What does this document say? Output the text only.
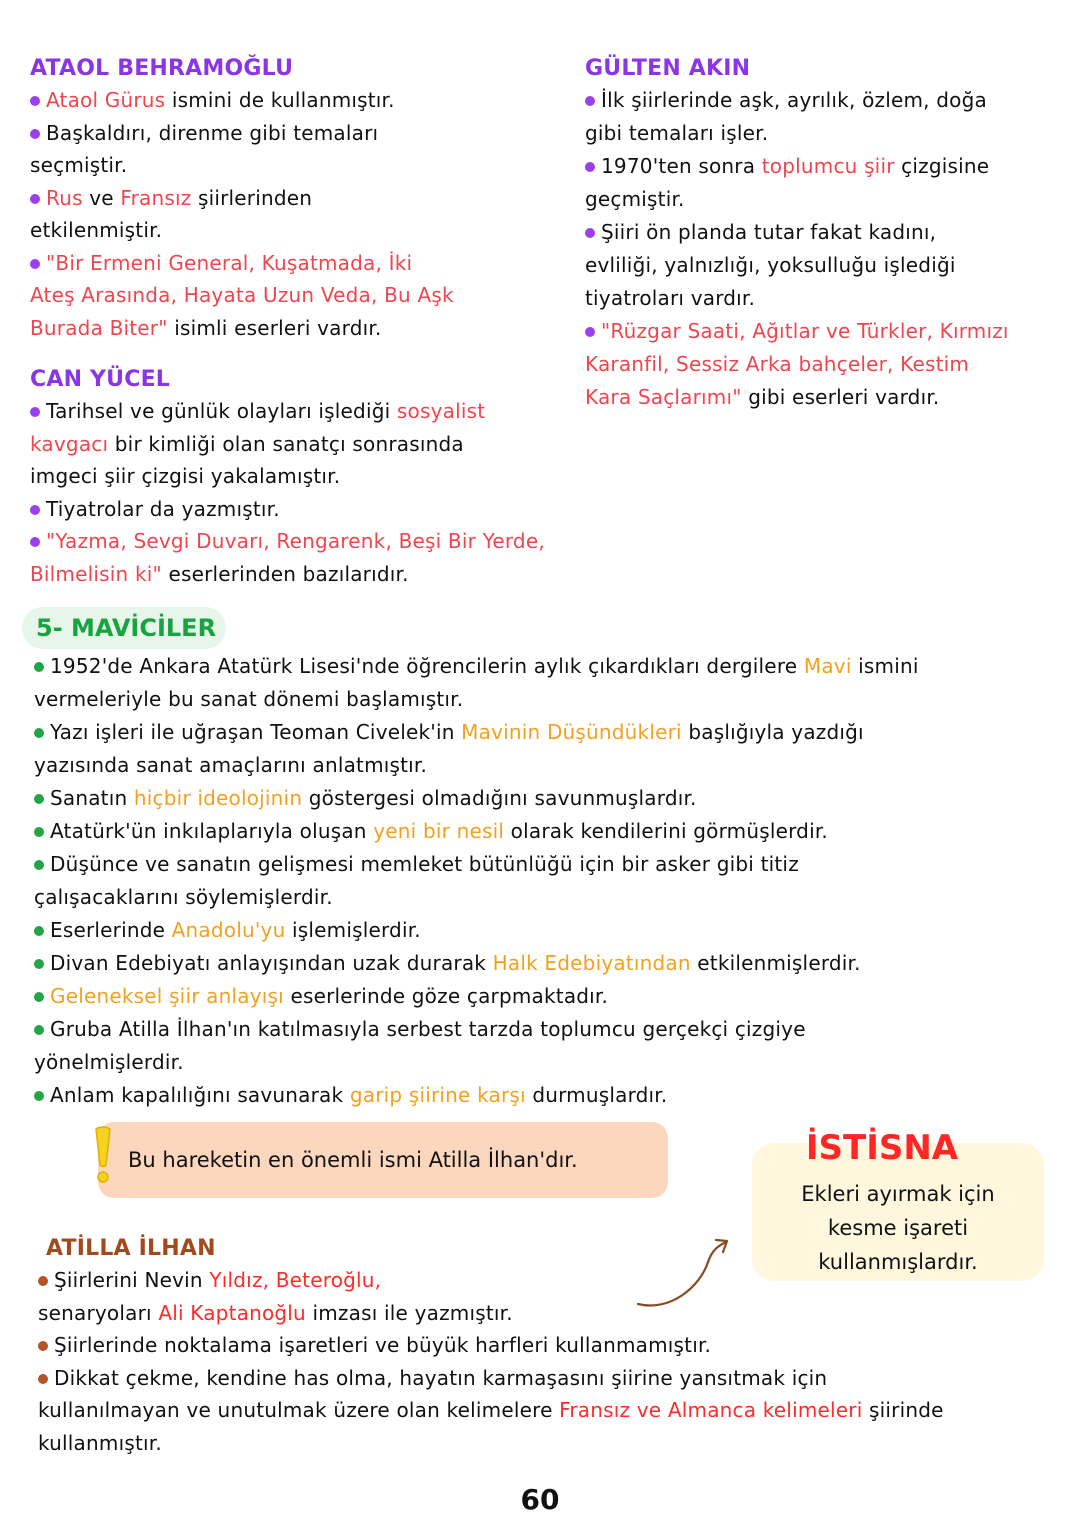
ATAOL BEHRAMOĞLU
Ataol Gürus ismini de kullanmıştır.
Başkaldırı, direnme gibi temaları
seçmiştir.
Rus ve Fransız şiirlerinden
etkilenmiştir.
"Bir Ermeni General, Kuşatmada, İki
Ateş Arasında, Hayata Uzun Veda, Bu Aşk
Burada Biter" isimli eserleri vardır.
CAN YÜCEL
Tarihsel ve günlük olayları işlediği sosyalist
kavgacı bir kimliği olan sanatçı sonrasında
imgeci şiir çizgisi yakalamıştır.
Tiyatrolar da yazmıştır.
"Yazma, Sevgi Duvarı, Rengarenk, Beşi Bir Yerde,
Bilmelisin ki" eserlerinden bazılarıdır.
GÜLTEN AKIN
İlk şiirlerinde aşk, ayrılık, özlem, doğa
gibi temaları işler.
1970'ten sonra toplumcu şiir çizgisine
geçmiştir.
Şiiri ön planda tutar fakat kadını,
evliliği, yalnızlığı, yoksulluğu işlediği
tiyatroları vardır.
"Rüzgar Saati, Ağıtlar ve Türkler, Kırmızı
Karanfil, Sessiz Arka bahçeler, Kestim
Kara Saçlarımı" gibi eserleri vardır.
5- MAVİCİLER
1952'de Ankara Atatürk Lisesi'nde öğrencilerin aylık çıkardıkları dergilere Mavi ismini
vermeleriyle bu sanat dönemi başlamıştır.
Yazı işleri ile uğraşan Teoman Civelek'in Mavinin Düşündükleri başlığıyla yazdığı
yazısında sanat amaçlarını anlatmıştır.
Sanatın hiçbir ideolojinin göstergesi olmadığını savunmuşlardır.
Atatürk'ün inkılaplarıyla oluşan yeni bir nesil olarak kendilerini görmüşlerdir.
Düşünce ve sanatın gelişmesi memleket bütünlüğü için bir asker gibi titiz
çalışacaklarını söylemişlerdir.
Eserlerinde Anadolu'yu işlemişlerdir.
Divan Edebiyatı anlayışından uzak durarak Halk Edebiyatından etkilenmişlerdir.
Geleneksel şiir anlayışı eserlerinde göze çarpmaktadır.
Gruba Atilla İlhan'ın katılmasıyla serbest tarzda toplumcu gerçekçi çizgiye
yönelmişlerdir.
Anlam kapalılığını savunarak garip şiirine karşı durmuşlardır.
Bu hareketin en önemli ismi Atilla İlhan'dır.
Ekleri ayırmak için
kesme işareti
kullanmışlardır.
İSTİSNA
ATİLLA İLHAN
Şiirlerini Nevin Yıldız, Beteroğlu,
senaryoları Ali Kaptanoğlu imzası ile yazmıştır.
Şiirlerinde noktalama işaretleri ve büyük harfleri kullanmamıştır.
Dikkat çekme, kendine has olma, hayatın karmaşasını şiirine yansıtmak için
kullanılmayan ve unutulmak üzere olan kelimelere Fransız ve Almanca kelimeleri şiirinde
kullanmıştır.
60
